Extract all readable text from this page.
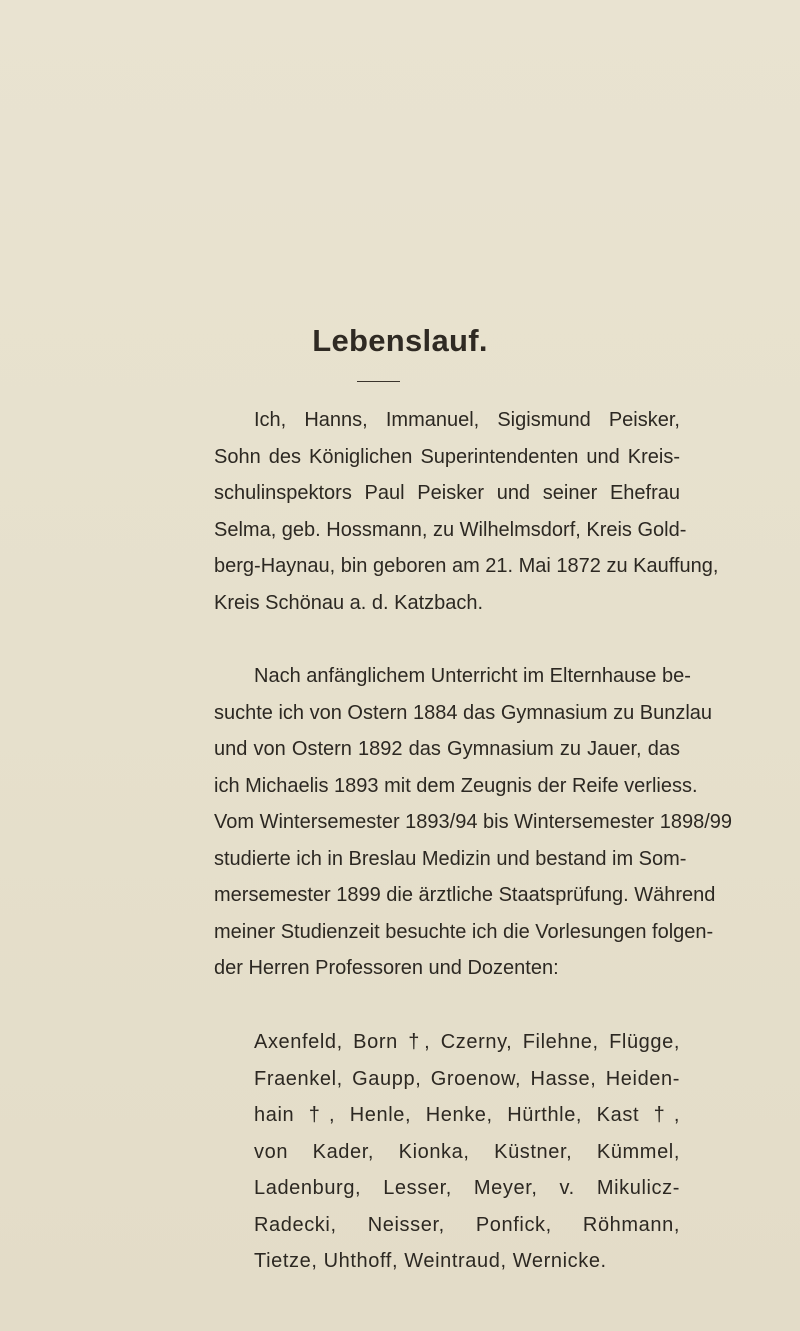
Lebenslauf.
Ich, Hanns, Immanuel, Sigismund Peisker,
Sohn des Königlichen Superintendenten und Kreis-
schulinspektors Paul Peisker und seiner Ehefrau
Selma, geb. Hossmann, zu Wilhelmsdorf, Kreis Gold-
berg-Haynau, bin geboren am 21. Mai 1872 zu Kauffung,
Kreis Schönau a. d. Katzbach.
Nach anfänglichem Unterricht im Elternhause be-
suchte ich von Ostern 1884 das Gymnasium zu Bunzlau
und von Ostern 1892 das Gymnasium zu Jauer, das
ich Michaelis 1893 mit dem Zeugnis der Reife verliess.
Vom Wintersemester 1893/94 bis Wintersemester 1898/99
studierte ich in Breslau Medizin und bestand im Som-
mersemester 1899 die ärztliche Staatsprüfung. Während
meiner Studienzeit besuchte ich die Vorlesungen folgen-
der Herren Professoren und Dozenten:
Axenfeld, Born †, Czerny, Filehne, Flügge,
Fraenkel, Gaupp, Groenow, Hasse, Heiden-
hain †, Henle, Henke, Hürthle, Kast †,
von Kader, Kionka, Küstner, Kümmel,
Ladenburg, Lesser, Meyer, v. Mikulicz-
Radecki, Neisser, Ponfick, Röhmann,
Tietze, Uhthoff, Weintraud, Wernicke.
